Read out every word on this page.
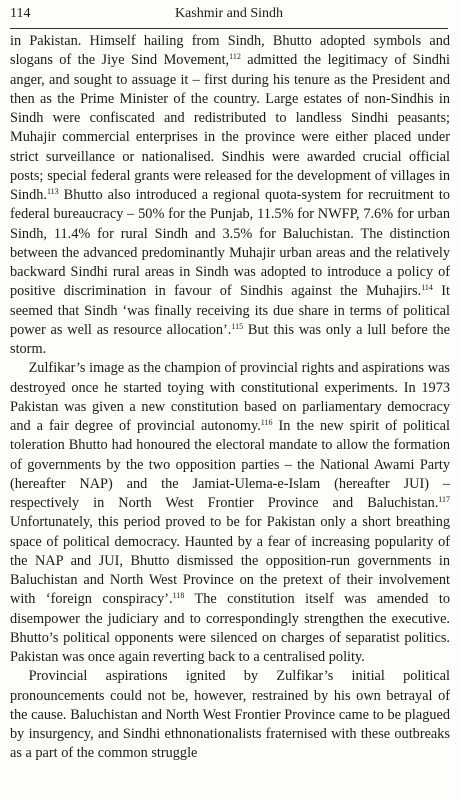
114	Kashmir and Sindh

in Pakistan. Himself hailing from Sindh, Bhutto adopted symbols and slogans of the Jiye Sind Movement,$^{112}$ admitted the legitimacy of Sindhi anger, and sought to assuage it – first during his tenure as the President and then as the Prime Minister of the country. Large estates of non-Sindhis in Sindh were confiscated and redistributed to landless Sindhi peasants; Muhajir commercial enterprises in the province were either placed under strict surveillance or nationalised. Sindhis were awarded crucial official posts; special federal grants were released for the development of villages in Sindh.$^{113}$ Bhutto also introduced a regional quota-system for recruitment to federal bureaucracy – 50% for the Punjab, 11.5% for NWFP, 7.6% for urban Sindh, 11.4% for rural Sindh and 3.5% for Baluchistan. The distinction between the advanced predominantly Muhajir urban areas and the relatively backward Sindhi rural areas in Sindh was adopted to introduce a policy of positive discrimination in favour of Sindhis against the Muhajirs.$^{114}$ It seemed that Sindh ‘was finally receiving its due share in terms of political power as well as resource allocation’.$^{115}$ But this was only a lull before the storm.

Zulfikar’s image as the champion of provincial rights and aspirations was destroyed once he started toying with constitutional experiments. In 1973 Pakistan was given a new constitution based on parliamentary democracy and a fair degree of provincial autonomy.$^{116}$ In the new spirit of political toleration Bhutto had honoured the electoral mandate to allow the formation of governments by the two opposition parties – the National Awami Party (hereafter NAP) and the Jamiat-Ulema-e-Islam (hereafter JUI) – respectively in North West Frontier Province and Baluchistan.$^{117}$ Unfortunately, this period proved to be for Pakistan only a short breathing space of political democracy. Haunted by a fear of increasing popularity of the NAP and JUI, Bhutto dismissed the opposition-run governments in Baluchistan and North West Province on the pretext of their involvement with ‘foreign conspiracy’.$^{118}$ The constitution itself was amended to disempower the judiciary and to correspondingly strengthen the executive. Bhutto’s political opponents were silenced on charges of separatist politics. Pakistan was once again reverting back to a centralised polity.

Provincial aspirations ignited by Zulfikar’s initial political pronouncements could not be, however, restrained by his own betrayal of the cause. Baluchistan and North West Frontier Province came to be plagued by insurgency, and Sindhi ethnonationalists fraternised with these outbreaks as a part of the common struggle
